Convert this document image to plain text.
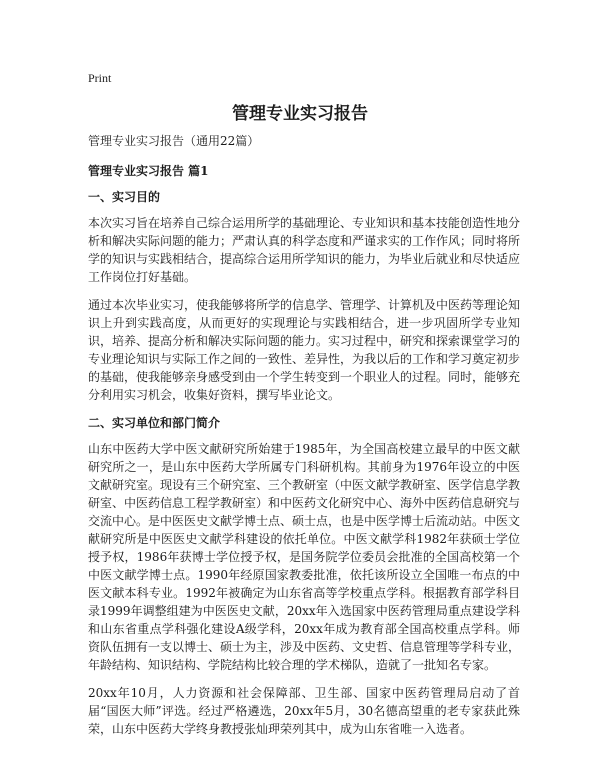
Print
管理专业实习报告

管理专业实习报告（通用22篇）

管理专业实习报告 篇1

一、实习目的

本次实习旨在培养自己综合运用所学的基础理论、专业知识和基本技能创造性地分析和解决实际问题的能力；严肃认真的科学态度和严谨求实的工作作风；同时将所学的知识与实践相结合，提高综合运用所学知识的能力，为毕业后就业和尽快适应工作岗位打好基础。

通过本次毕业实习，使我能够将所学的信息学、管理学、计算机及中医药等理论知识上升到实践高度，从而更好的实现理论与实践相结合，进一步巩固所学专业知识，培养、提高分析和解决实际问题的能力。实习过程中，研究和探索课堂学习的专业理论知识与实际工作之间的一致性、差异性，为我以后的工作和学习奠定初步的基础，使我能够亲身感受到由一个学生转变到一个职业人的过程。同时，能够充分利用实习机会，收集好资料，撰写毕业论文。

二、实习单位和部门简介

山东中医药大学中医文献研究所始建于1985年，为全国高校建立最早的中医文献研究所之一，是山东中医药大学所属专门科研机构。其前身为1976年设立的中医文献研究室。现设有三个研究室、三个教研室（中医文献学教研室、医学信息学教研室、中医药信息工程学教研室）和中医药文化研究中心、海外中医药信息研究与交流中心。是中医医史文献学博士点、硕士点，也是中医学博士后流动站。中医文献研究所是中医医史文献学科建设的依托单位。中医文献学科1982年获硕士学位授予权，1986年获博士学位授予权，是国务院学位委员会批准的全国高校第一个中医文献学博士点。1990年经原国家教委批准，依托该所设立全国唯一布点的中医文献本科专业。1992年被确定为山东省高等学校重点学科。根据教育部学科目录1999年调整组建为中医医史文献，20xx年入选国家中医药管理局重点建设学科和山东省重点学科强化建设A级学科，20xx年成为教育部全国高校重点学科。师资队伍拥有一支以博士、硕士为主，涉及中医药、文史哲、信息管理等学科专业，年龄结构、知识结构、学院结构比较合理的学术梯队，造就了一批知名专家。

20xx年10月，人力资源和社会保障部、卫生部、国家中医药管理局启动了首届“国医大师”评选。经过严格遴选，20xx年5月，30名德高望重的老专家获此殊荣，山东中医药大学终身教授张灿玾荣列其中，成为山东省唯一入选者。
